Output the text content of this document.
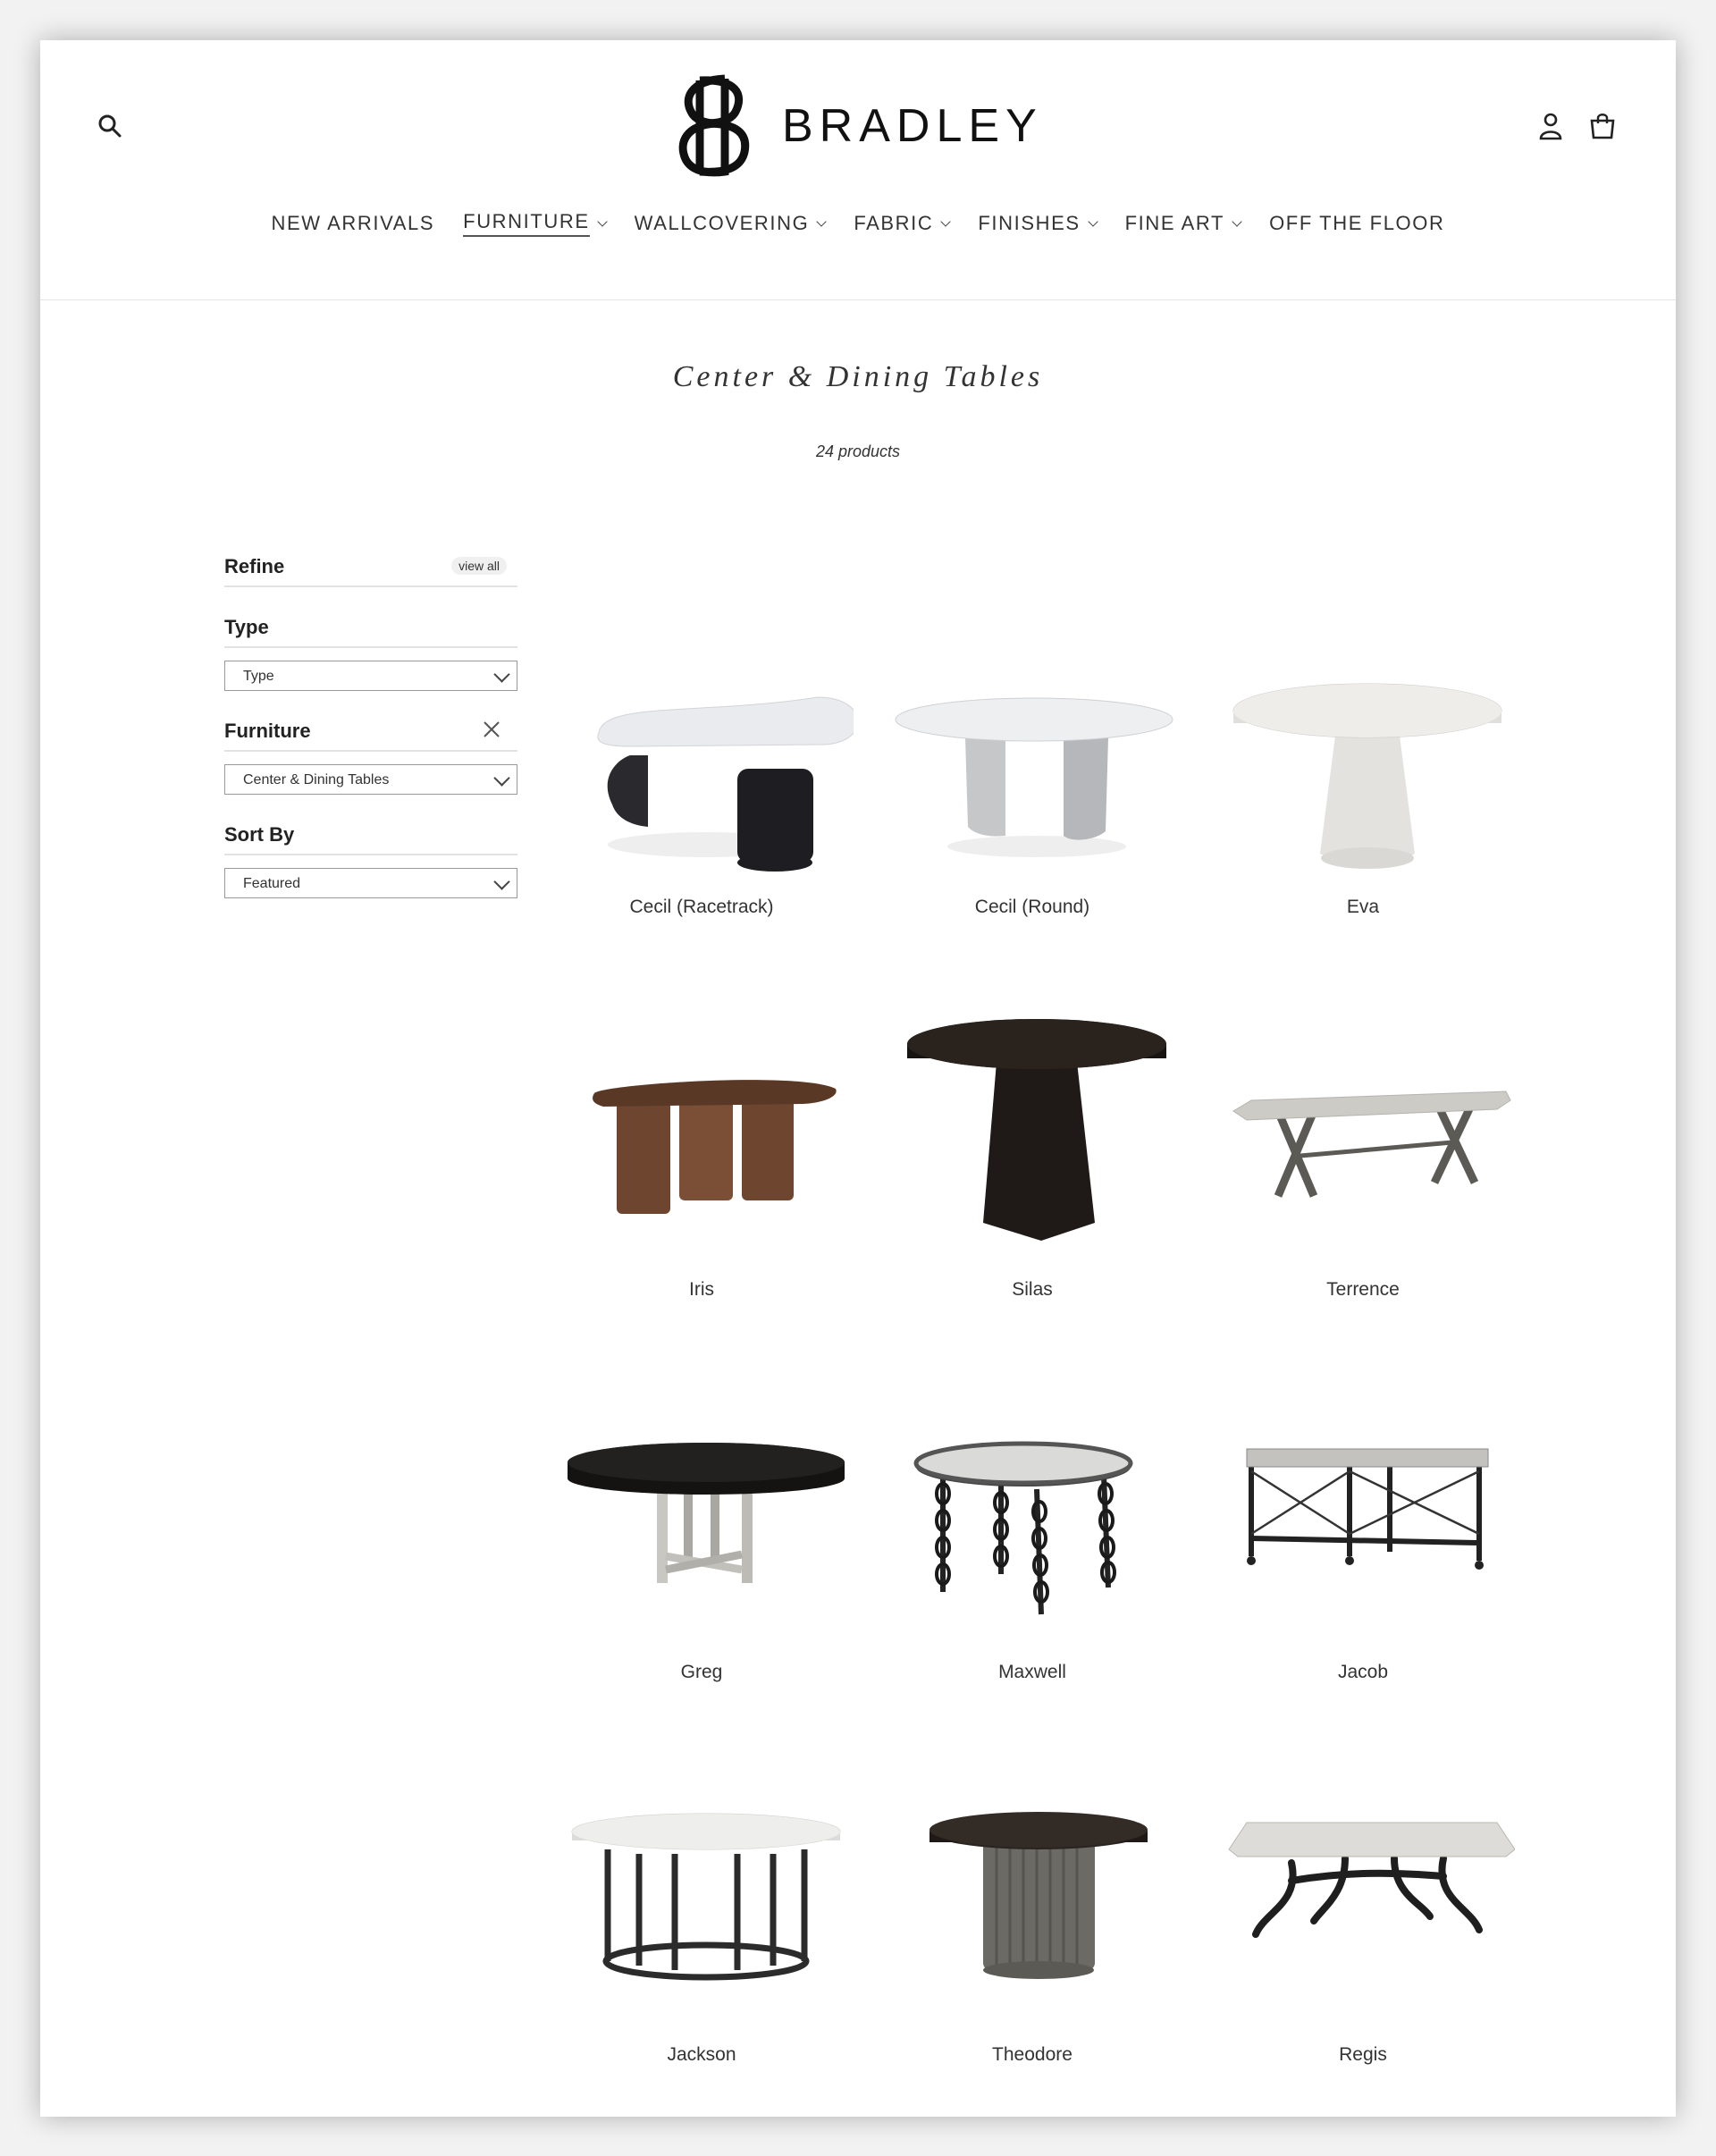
BRADLEY
NEW ARRIVALS FURNITURE WALLCOVERING FABRIC FINISHES FINE ART OFF THE FLOOR
Center & Dining Tables
24 products
Refine	view all
Type
Type
Furniture
Center & Dining Tables
Sort By
Featured
Cecil (Racetrack)	Cecil (Round)	Eva
Iris	Silas	Terrence
Greg	Maxwell	Jacob
Jackson	Theodore	Regis
